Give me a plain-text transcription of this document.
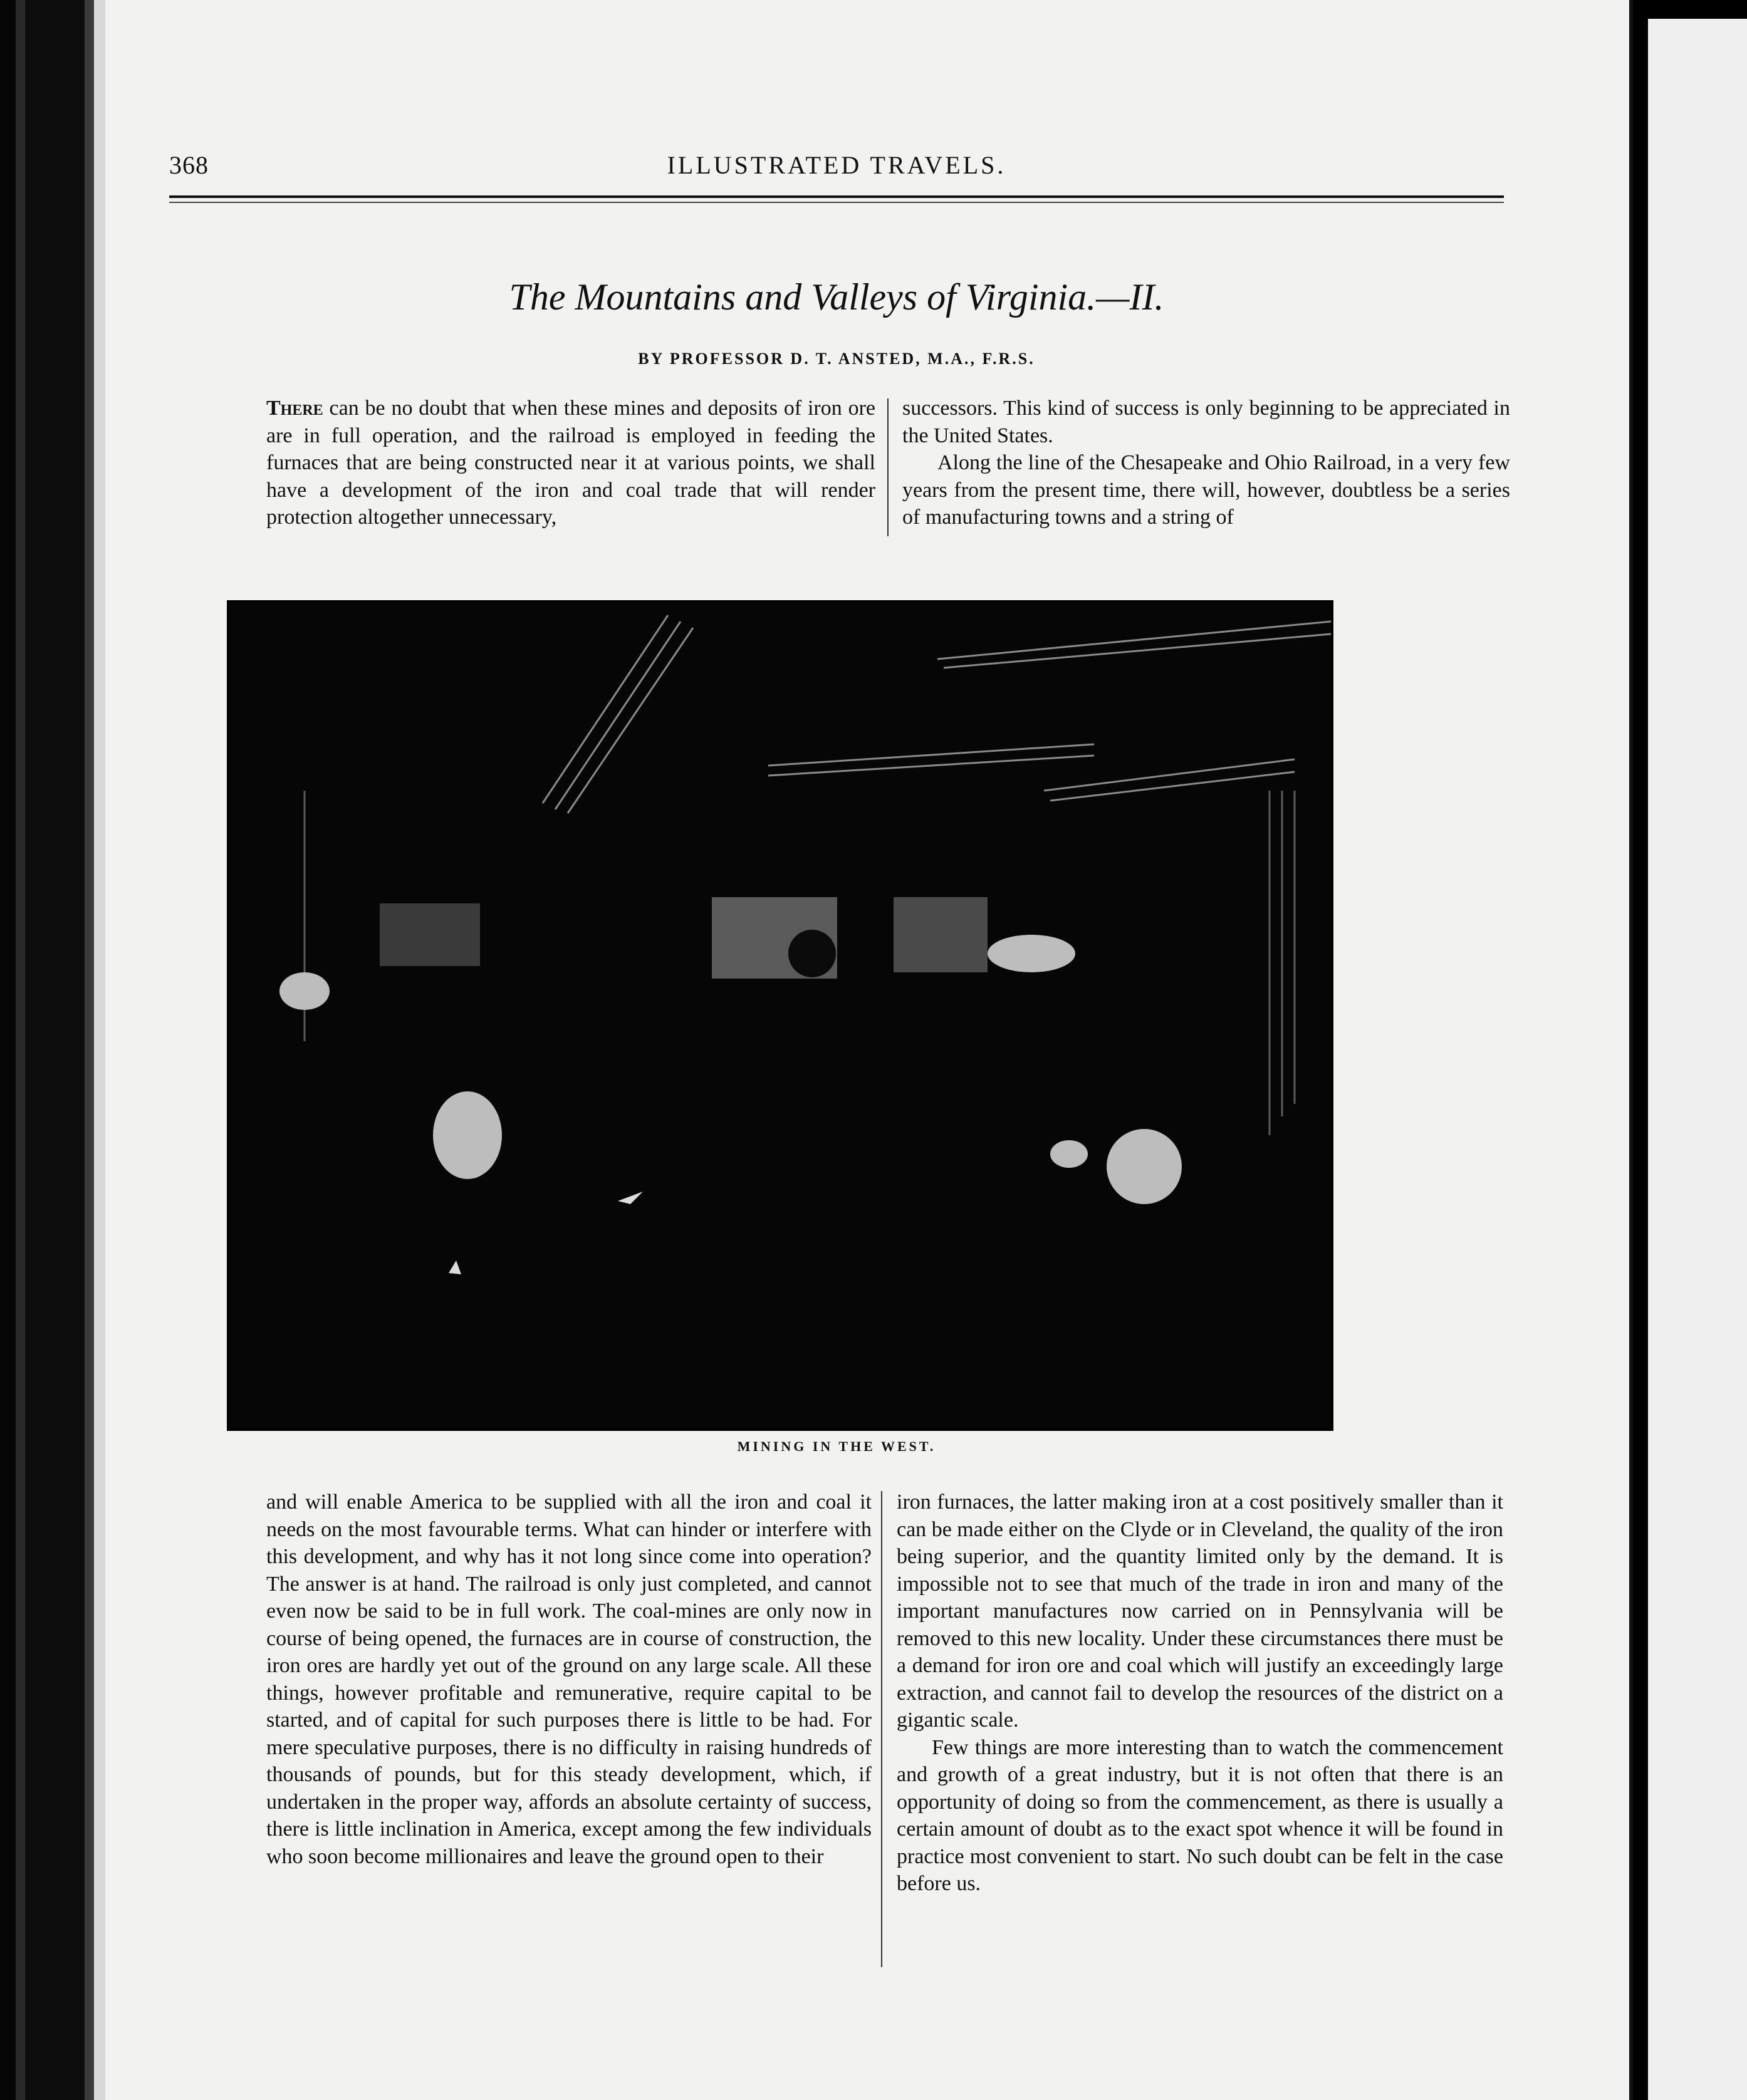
368	ILLUSTRATED TRAVELS.
The Mountains and Valleys of Virginia.—II.
BY PROFESSOR D. T. ANSTED, M.A., F.R.S.

There can be no doubt that when these mines and deposits of iron ore are in full operation, and the railroad is employed in feeding the furnaces that are being constructed near it at various points, we shall have a development of the iron and coal trade that will render protection altogether unnecessary,

successors. This kind of success is only beginning to be appreciated in the United States.

Along the line of the Chesapeake and Ohio Railroad, in a very few years from the present time, there will, however, doubtless be a series of manufacturing towns and a string of

MINING IN THE WEST.

and will enable America to be supplied with all the iron and coal it needs on the most favourable terms. What can hinder or interfere with this development, and why has it not long since come into operation? The answer is at hand. The railroad is only just completed, and cannot even now be said to be in full work. The coal-mines are only now in course of being opened, the furnaces are in course of construction, the iron ores are hardly yet out of the ground on any large scale. All these things, however profitable and remunerative, require capital to be started, and of capital for such purposes there is little to be had. For mere speculative purposes, there is no difficulty in raising hundreds of thousands of pounds, but for this steady development, which, if undertaken in the proper way, affords an absolute certainty of success, there is little inclination in America, except among the few individuals who soon become millionaires and leave the ground open to their

iron furnaces, the latter making iron at a cost positively smaller than it can be made either on the Clyde or in Cleveland, the quality of the iron being superior, and the quantity limited only by the demand. It is impossible not to see that much of the trade in iron and many of the important manufactures now carried on in Pennsylvania will be removed to this new locality. Under these circumstances there must be a demand for iron ore and coal which will justify an exceedingly large extraction, and cannot fail to develop the resources of the district on a gigantic scale.

Few things are more interesting than to watch the commencement and growth of a great industry, but it is not often that there is an opportunity of doing so from the commencement, as there is usually a certain amount of doubt as to the exact spot whence it will be found in practice most convenient to start. No such doubt can be felt in the case before us.
